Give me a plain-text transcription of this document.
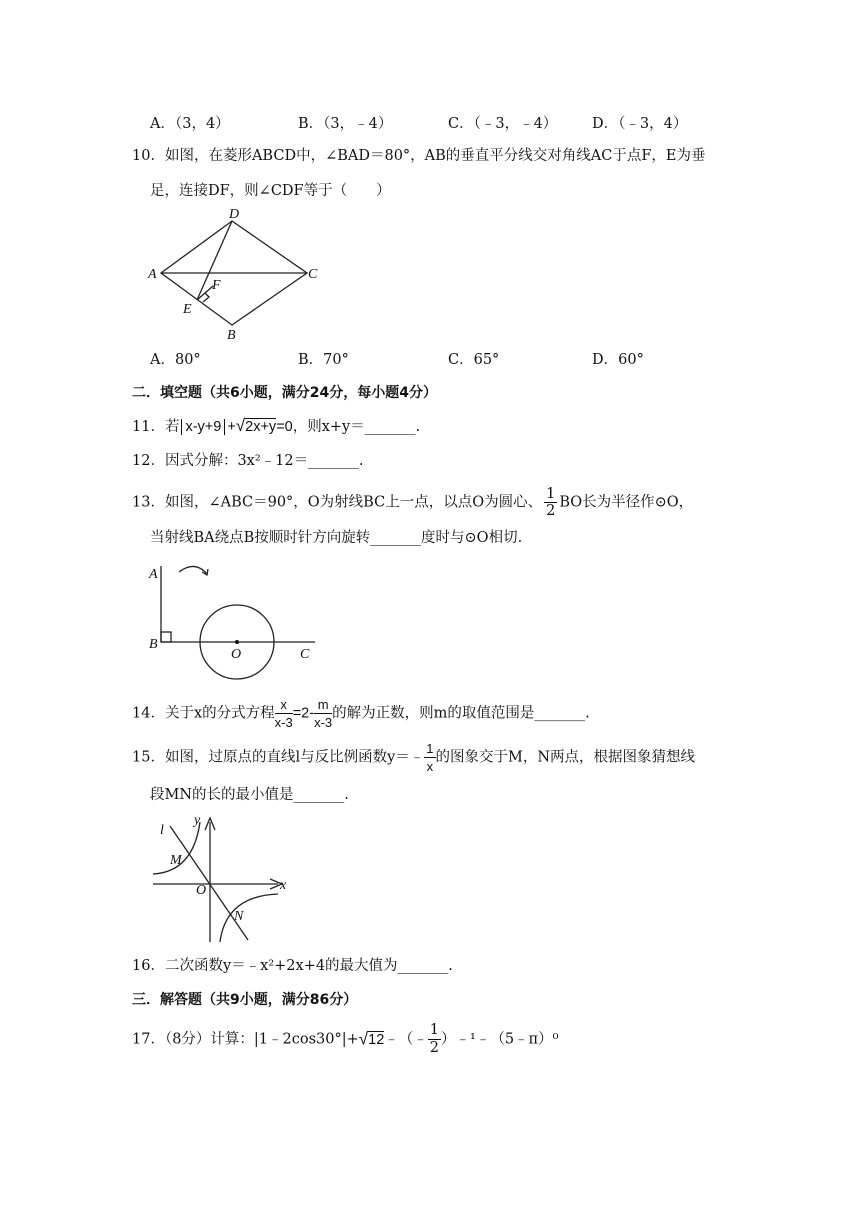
A．（3，4）	B．（3，﹣4）	C．（﹣3，﹣4） D．（﹣3，4）
10．如图，在菱形ABCD中，∠BAD＝80°，AB的垂直平分线交对角线AC于点F，E为垂
足，连接DF，则∠CDF等于（　　）
D
A	C
F
E
B
A．80°	B．70°	C．65°	D．60°
二．填空题（共6小题，满分24分，每小题4分）
11．若 x-y+9 +√2x+y=0，则x+y＝_______.
12．因式分解：3x²﹣12＝_______.
13．如图，∠ABC＝90°，O为射线BC上一点，以点O为圆心、 $\frac{1}{2}$ BO长为半径作⊙O，
当射线BA绕点B按顺时针方向旋转_______度时与⊙O相切.
A
B
O	C
14．关于x的分式方程 $\frac{x}{x-3} =2- \frac{m}{x-3}$ 的解为正数，则m的取值范围是_______.
15．如图，过原点的直线l与反比例函数y＝﹣ $\frac{1}{x}$ 的图象交于M，N两点，根据图象猜想线
段MN的长的最小值是_______.
l
y
M
O	x
N
16．二次函数y＝﹣x²+2x+4的最大值为_______.
三．解答题（共9小题，满分86分）
17．（8分）计算：|1﹣2cos30°|+√12﹣（﹣ $\frac{1}{2}$ ）﹣¹﹣（5﹣π）⁰
